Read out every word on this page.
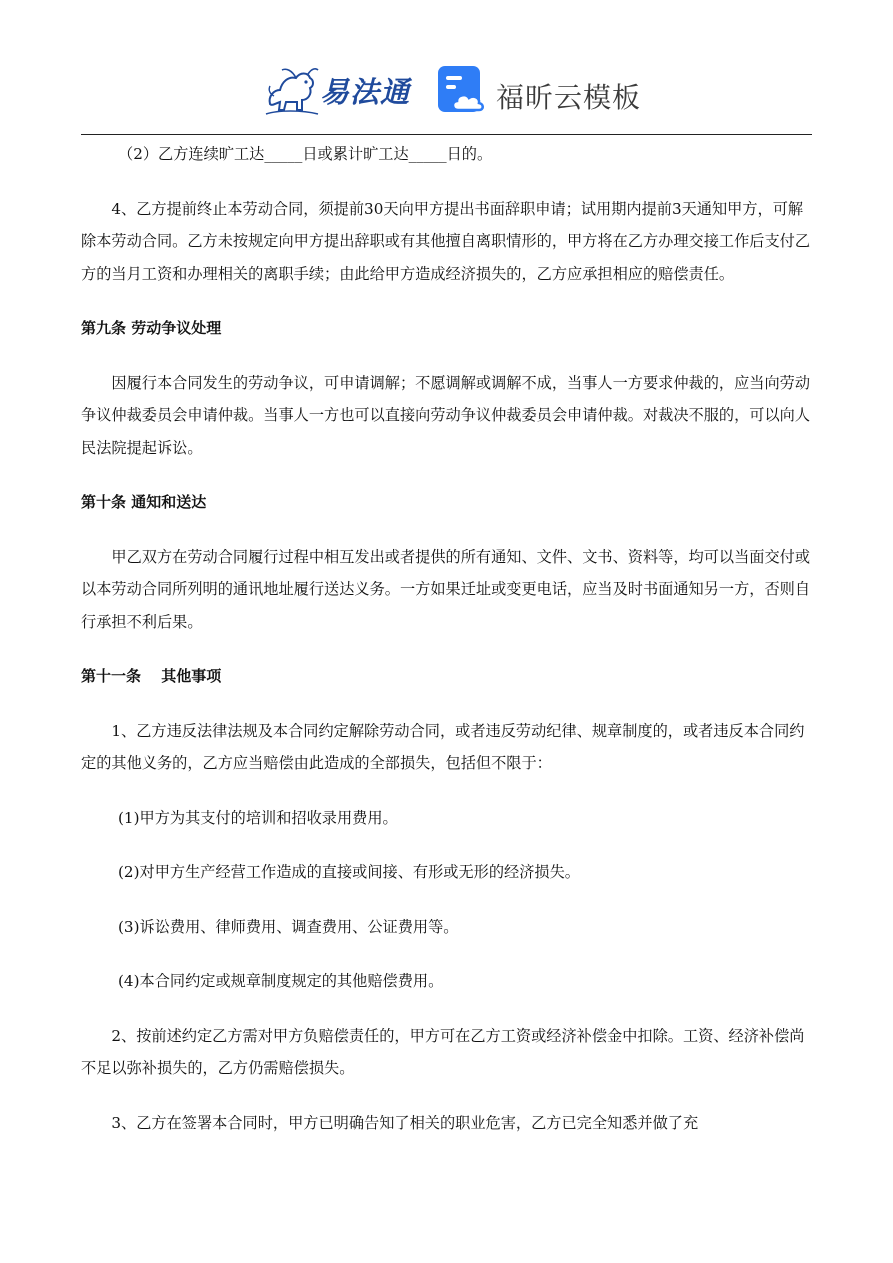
易法通	福昕云模板

（2）乙方连续旷工达_____日或累计旷工达_____日的。

4、乙方提前终止本劳动合同，须提前30天向甲方提出书面辞职申请；试用期内提前3天通知甲方，可解除本劳动合同。乙方未按规定向甲方提出辞职或有其他擅自离职情形的，甲方将在乙方办理交接工作后支付乙方的当月工资和办理相关的离职手续；由此给甲方造成经济损失的，乙方应承担相应的赔偿责任。

第九条 劳动争议处理

因履行本合同发生的劳动争议，可申请调解；不愿调解或调解不成，当事人一方要求仲裁的，应当向劳动争议仲裁委员会申请仲裁。当事人一方也可以直接向劳动争议仲裁委员会申请仲裁。对裁决不服的，可以向人民法院提起诉讼。

第十条 通知和送达

甲乙双方在劳动合同履行过程中相互发出或者提供的所有通知、文件、文书、资料等，均可以当面交付或以本劳动合同所列明的通讯地址履行送达义务。一方如果迁址或变更电话，应当及时书面通知另一方，否则自行承担不利后果。

第十一条　 其他事项

1、乙方违反法律法规及本合同约定解除劳动合同，或者违反劳动纪律、规章制度的，或者违反本合同约定的其他义务的，乙方应当赔偿由此造成的全部损失，包括但不限于：

(1)甲方为其支付的培训和招收录用费用。

(2)对甲方生产经营工作造成的直接或间接、有形或无形的经济损失。

(3)诉讼费用、律师费用、调查费用、公证费用等。

(4)本合同约定或规章制度规定的其他赔偿费用。

2、按前述约定乙方需对甲方负赔偿责任的，甲方可在乙方工资或经济补偿金中扣除。工资、经济补偿尚不足以弥补损失的，乙方仍需赔偿损失。

3、乙方在签署本合同时，甲方已明确告知了相关的职业危害，乙方已完全知悉并做了充
